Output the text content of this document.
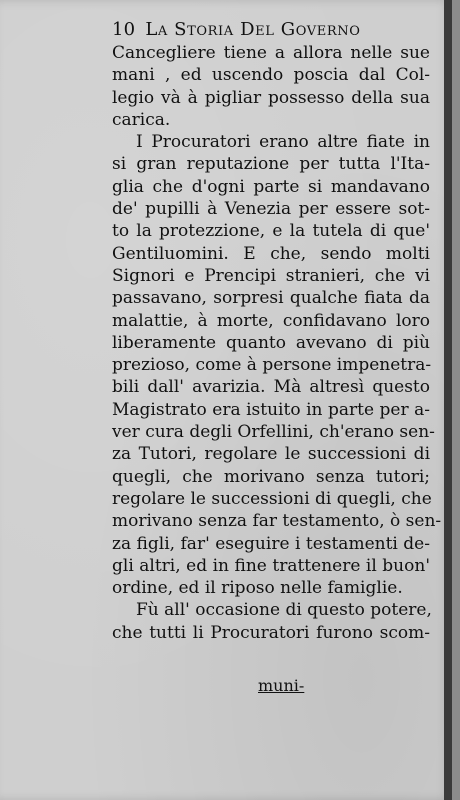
10 La Storia Del Governo
Cancegliere tiene a allora nelle sue
mani , ed uscendo poscia dal Col-
legio và à pigliar possesso della sua
carica.
I Procuratori erano altre fiate in
si gran reputazione per tutta l'Ita-
glia che d'ogni parte si mandavano
de' pupilli à Venezia per essere sot-
to la protezzione, e la tutela di que'
Gentiluomini. E che, sendo molti
Signori e Prencipi stranieri, che vi
passavano, sorpresi qualche fiata da
malattie, à morte, confidavano loro
liberamente quanto avevano di più
prezioso, come à persone impenetra-
bili dall' avarizia. Mà altresì questo
Magistrato era istuito in parte per a-
ver cura degli Orfellini, ch'erano sen-
za Tutori, regolare le successioni di
quegli, che morivano senza tutori;
regolare le successioni di quegli, che
morivano senza far testamento, ò sen-
za figli, far' eseguire i testamenti de-
gli altri, ed in fine trattenere il buon'
ordine, ed il riposo nelle famiglie.
Fù all' occasione di questo potere,
che tutti li Procuratori furono scom-
muni-
